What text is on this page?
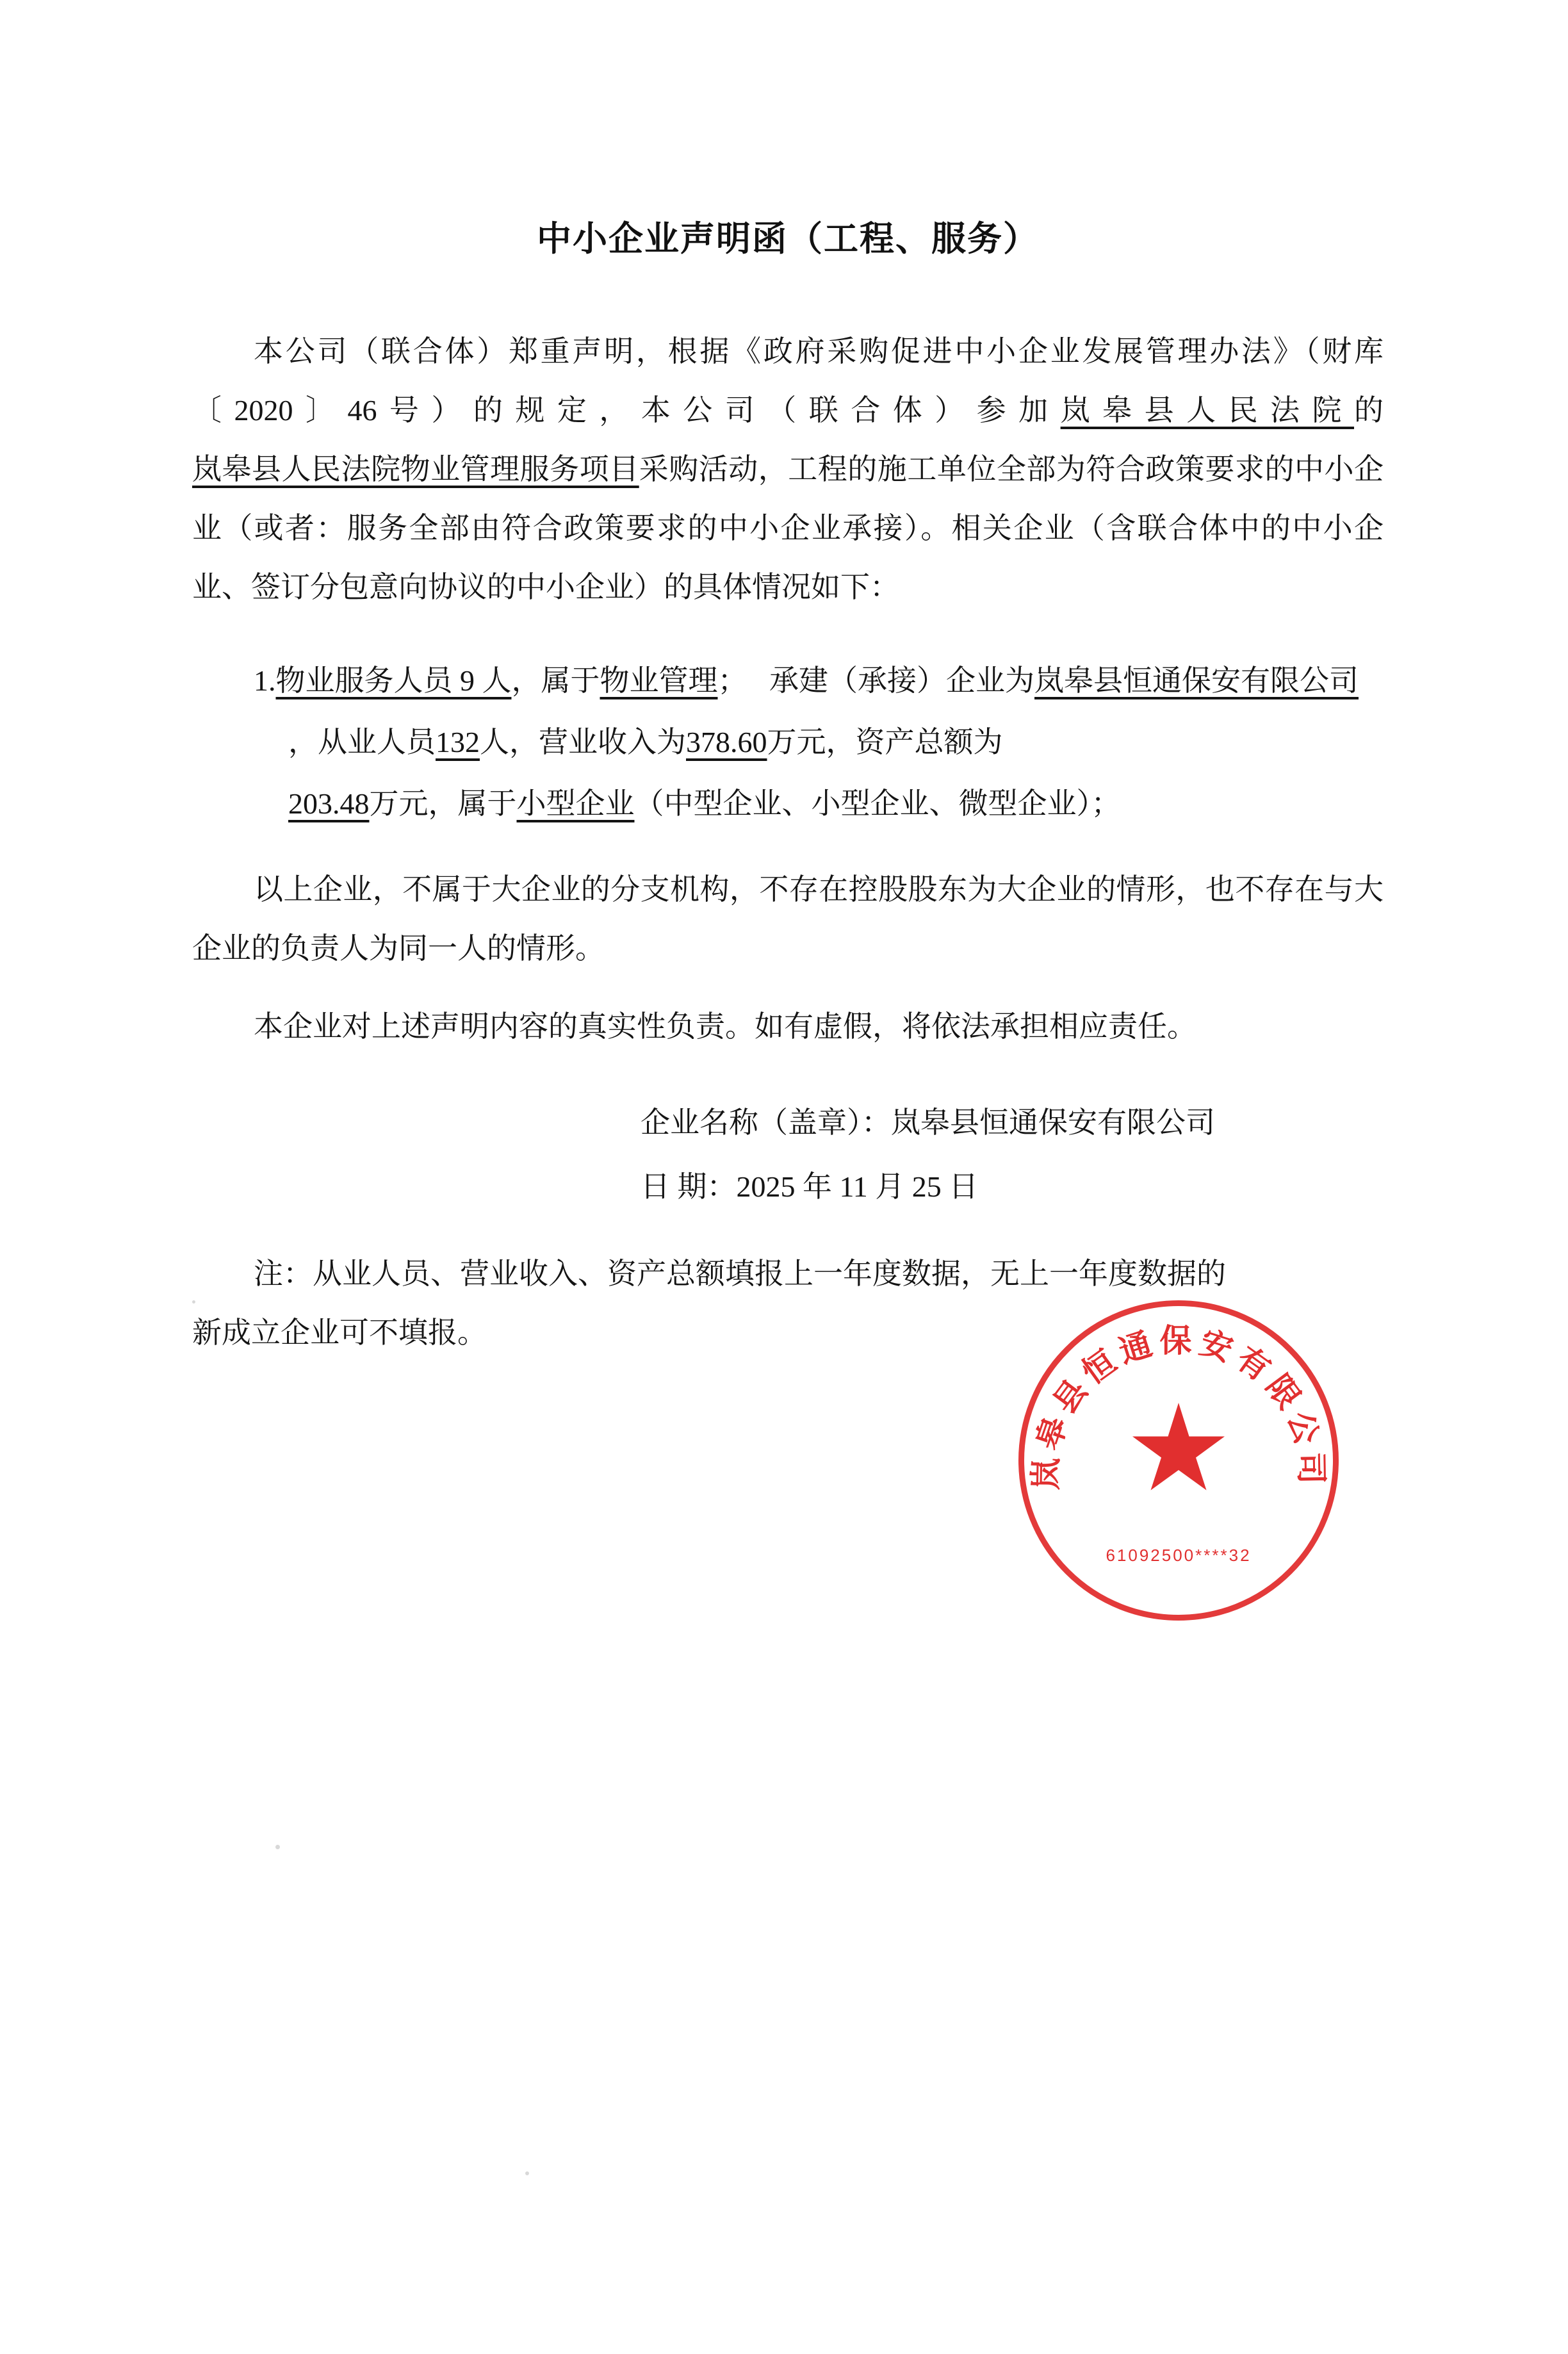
中小企业声明函（工程、服务）

本公司（联合体）郑重声明，根据《政府采购促进中小企业发展管理办法》（财库〔2020〕46号）的规定，本公司（联合体）参加岚皋县人民法院的岚皋县人民法院物业管理服务项目采购活动，工程的施工单位全部为符合政策要求的中小企业（或者：服务全部由符合政策要求的中小企业承接）。相关企业（含联合体中的中小企业、签订分包意向协议的中小企业）的具体情况如下：

1.物业服务人员 9 人，属于物业管理； 承建（承接）企业为岚皋县恒通保安有限公司

，从业人员132人，营业收入为378.60万元，资产总额为

203.48万元，属于小型企业（中型企业、小型企业、微型企业）；

以上企业，不属于大企业的分支机构，不存在控股股东为大企业的情形，也不存在与大企业的负责人为同一人的情形。

本企业对上述声明内容的真实性负责。如有虚假，将依法承担相应责任。

企业名称（盖章）：岚皋县恒通保安有限公司

日 期：2025 年 11 月 25 日

注：从业人员、营业收入、资产总额填报上一年度数据，无上一年度数据的
新成立企业可不填报。
岚皋县恒通保安有限公司
61092500****32
